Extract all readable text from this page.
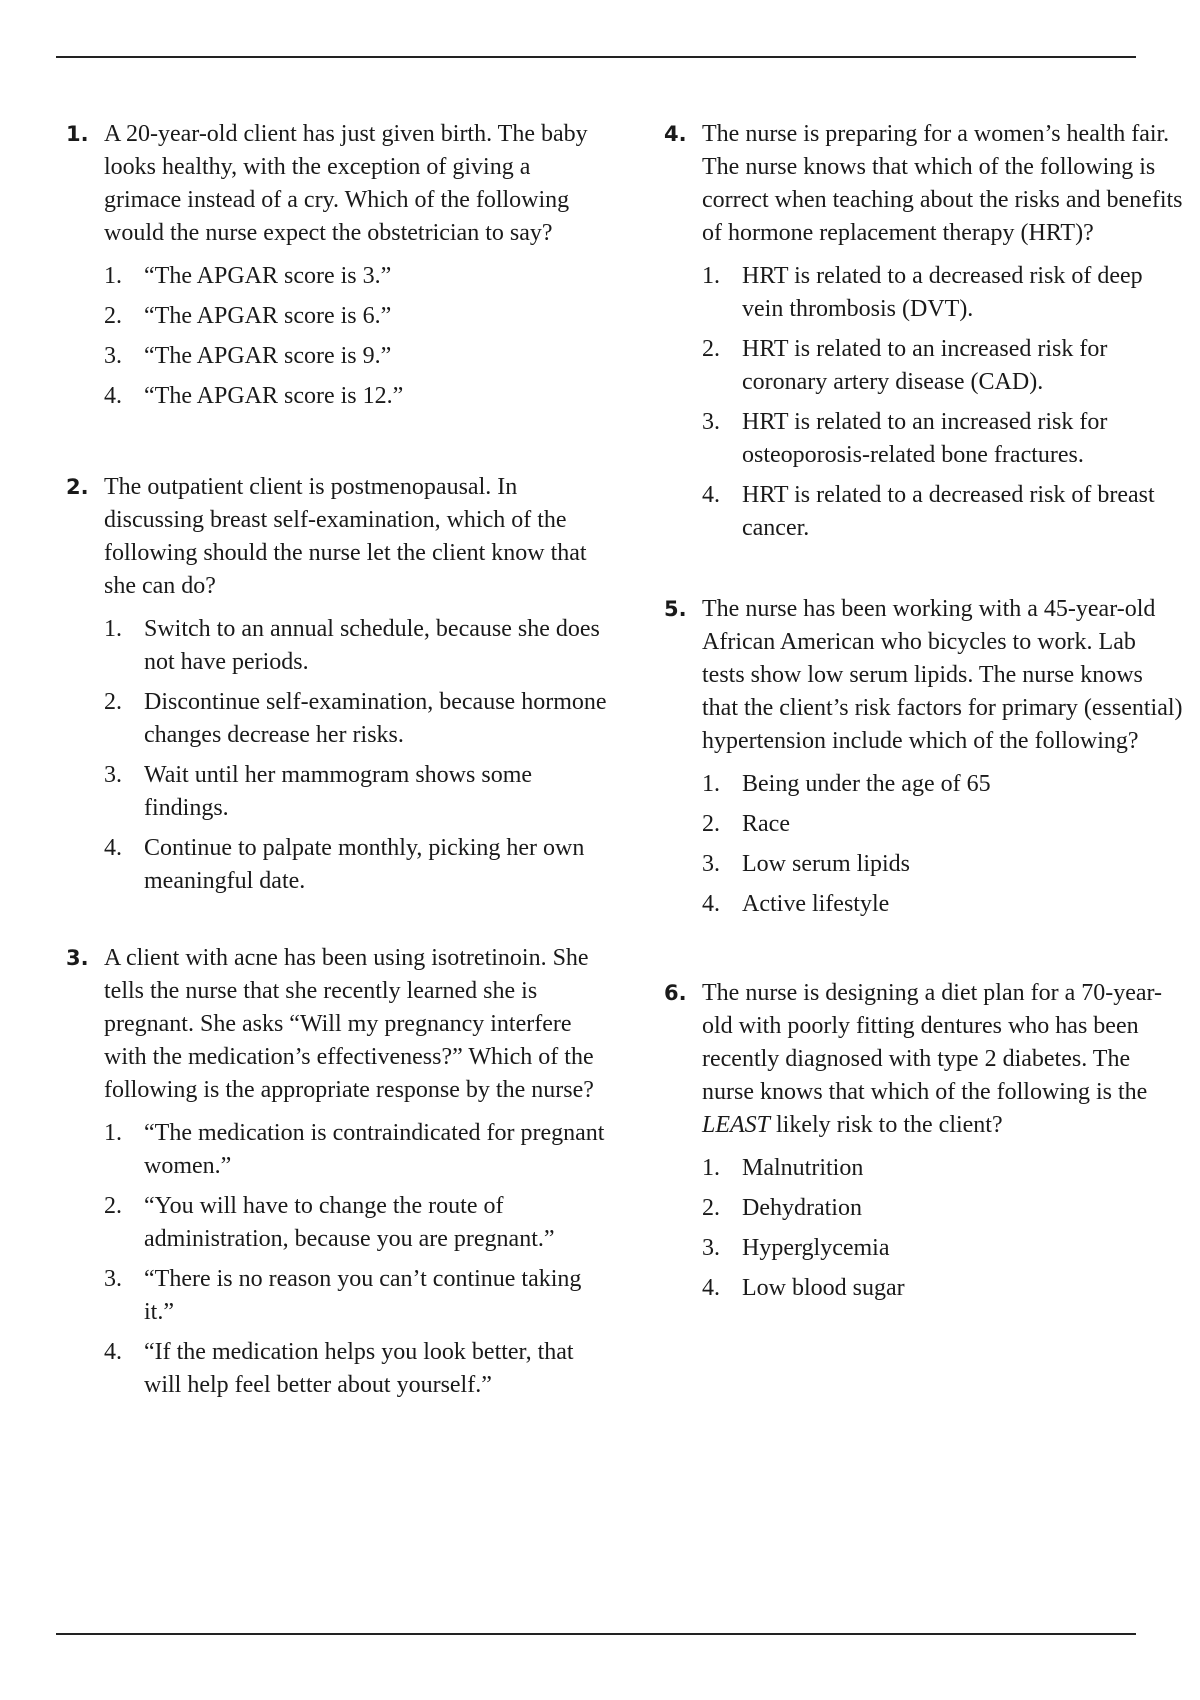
1. A 20-year-old client has just given birth. The baby looks healthy, with the exception of giving a grimace instead of a cry. Which of the following would the nurse expect the obstetrician to say?
1. “The APGAR score is 3.”
2. “The APGAR score is 6.”
3. “The APGAR score is 9.”
4. “The APGAR score is 12.”
2. The outpatient client is postmenopausal. In discussing breast self-examination, which of the following should the nurse let the client know that she can do?
1. Switch to an annual schedule, because she does not have periods.
2. Discontinue self-examination, because hormone changes decrease her risks.
3. Wait until her mammogram shows some findings.
4. Continue to palpate monthly, picking her own meaningful date.
3. A client with acne has been using isotretinoin. She tells the nurse that she recently learned she is pregnant. She asks “Will my pregnancy interfere with the medication’s effectiveness?” Which of the following is the appropriate response by the nurse?
1. “The medication is contraindicated for pregnant women.”
2. “You will have to change the route of administration, because you are pregnant.”
3. “There is no reason you can’t continue taking it.”
4. “If the medication helps you look better, that will help feel better about yourself.”
4. The nurse is preparing for a women’s health fair. The nurse knows that which of the following is correct when teaching about the risks and benefits of hormone replacement therapy (HRT)?
1. HRT is related to a decreased risk of deep vein thrombosis (DVT).
2. HRT is related to an increased risk for coronary artery disease (CAD).
3. HRT is related to an increased risk for osteoporosis-related bone fractures.
4. HRT is related to a decreased risk of breast cancer.
5. The nurse has been working with a 45-year-old African American who bicycles to work. Lab tests show low serum lipids. The nurse knows that the client’s risk factors for primary (essential) hypertension include which of the following?
1. Being under the age of 65
2. Race
3. Low serum lipids
4. Active lifestyle
6. The nurse is designing a diet plan for a 70-year-old with poorly fitting dentures who has been recently diagnosed with type 2 diabetes. The nurse knows that which of the following is the LEAST likely risk to the client?
1. Malnutrition
2. Dehydration
3. Hyperglycemia
4. Low blood sugar
